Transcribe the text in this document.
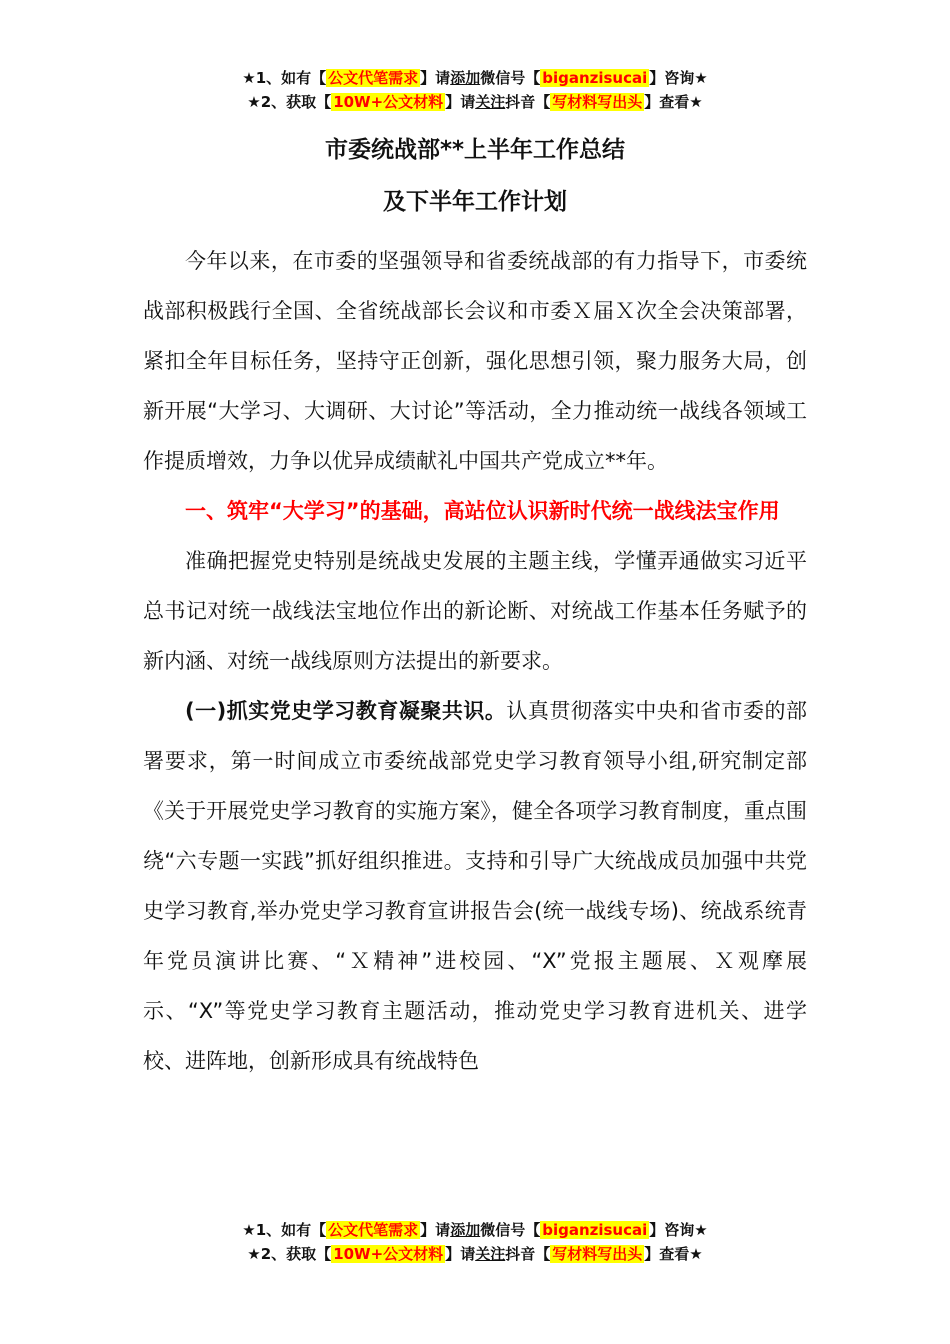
★1、如有【 公文代笔需求 】请添加微信号【 biganzisucai 】咨询★
★2、获取【 10W+公文材料 】请关注抖音【 写材料写出头 】查看★
市委统战部**上半年工作总结
及下半年工作计划

今年以来，在市委的坚强领导和省委统战部的有力指导下，市委统战部积极践行全国、全省统战部长会议和市委Ｘ届Ｘ次全会决策部署，紧扣全年目标任务，坚持守正创新，强化思想引领，聚力服务大局，创新开展“大学习、大调研、大讨论”等活动，全力推动统一战线各领域工作提质增效，力争以优异成绩献礼中国共产党成立**年。

一、筑牢“大学习”的基础，高站位认识新时代统一战线法宝作用

准确把握党史特别是统战史发展的主题主线，学懂弄通做实习近平总书记对统一战线法宝地位作出的新论断、对统战工作基本任务赋予的新内涵、对统一战线原则方法提出的新要求。

(一)抓实党史学习教育凝聚共识。认真贯彻落实中央和省市委的部署要求，第一时间成立市委统战部党史学习教育领导小组,研究制定部《关于开展党史学习教育的实施方案》，健全各项学习教育制度，重点围绕“六专题一实践”抓好组织推进。支持和引导广大统战成员加强中共党史学习教育,举办党史学习教育宣讲报告会(统一战线专场)、统战系统青年党员演讲比赛、“Ｘ精神”进校园、“X”党报主题展、Ｘ观摩展示、“X”等党史学习教育主题活动，推动党史学习教育进机关、进学校、进阵地，创新形成具有统战特色

★1、如有【 公文代笔需求 】请添加微信号【 biganzisucai 】咨询★
★2、获取【 10W+公文材料 】请关注抖音【 写材料写出头 】查看★
